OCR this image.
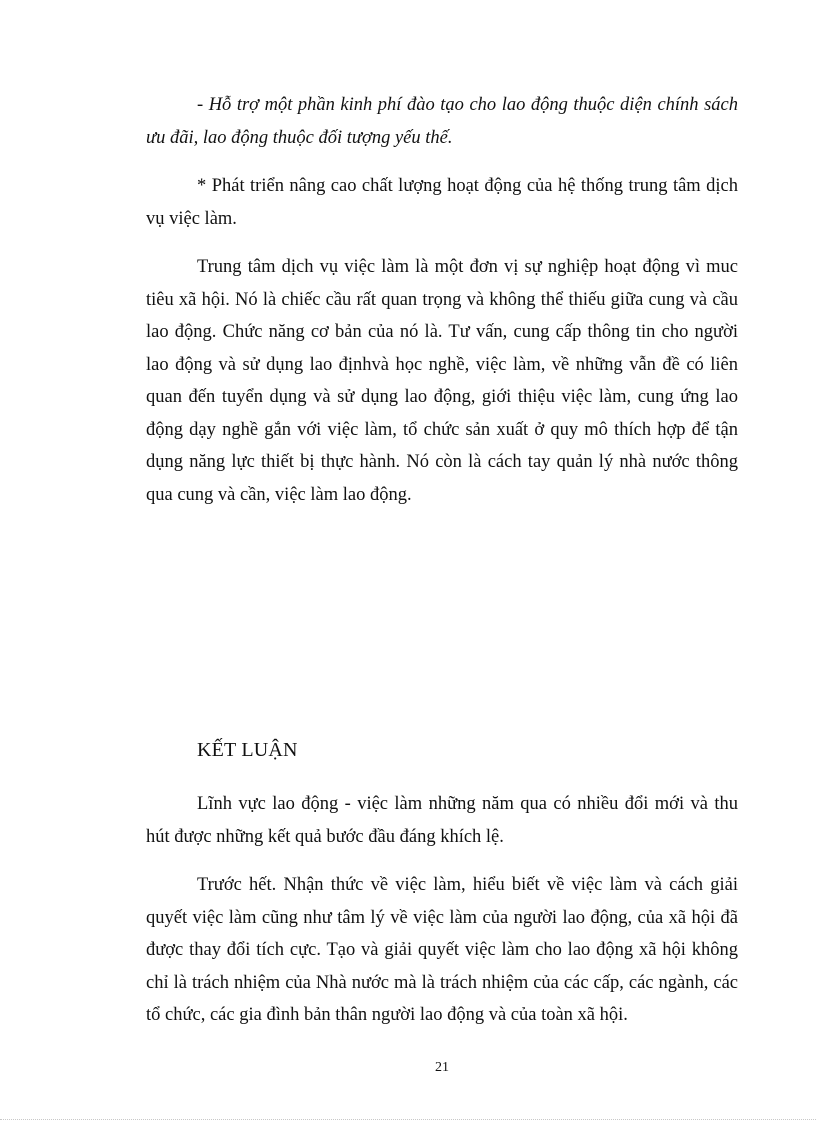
- Hỗ trợ một phần kinh phí đào tạo cho lao động thuộc diện chính sách ưu đãi, lao động thuộc đối tượng yếu thế.

* Phát triển nâng cao chất lượng hoạt động của hệ thống trung tâm dịch vụ việc làm.

Trung tâm dịch vụ việc làm là một đơn vị sự nghiệp hoạt động vì muc tiêu xã hội. Nó là chiếc cầu rất quan trọng và không thể thiếu giữa cung và cầu lao động. Chức năng cơ bản của nó là. Tư vấn, cung cấp thông tin cho người lao động và sử dụng lao địnhvà học nghề, việc làm, về những vẫn đề có liên quan đến tuyển dụng và sử dụng lao động, giới thiệu việc làm, cung ứng lao động dạy nghề gắn với việc làm, tổ chức sản xuất ở quy mô thích hợp để tận dụng năng lực thiết bị thực hành. Nó còn là cách tay quản lý nhà nước thông qua cung và cần, việc làm lao động.

KẾT LUẬN

Lĩnh vực lao động - việc làm những năm qua có nhiều đổi mới và thu hút được những kết quả bước đầu đáng khích lệ.

Trước hết. Nhận thức về việc làm, hiểu biết về việc làm và cách giải quyết việc làm cũng như tâm lý về việc làm của người lao động, của xã hội đã được thay đổi tích cực. Tạo và giải quyết việc làm cho lao động xã hội không chỉ là trách nhiệm của Nhà nước mà là trách nhiệm của các cấp, các ngành, các tổ chức, các gia đình bản thân người lao động và của toàn xã hội.

21
